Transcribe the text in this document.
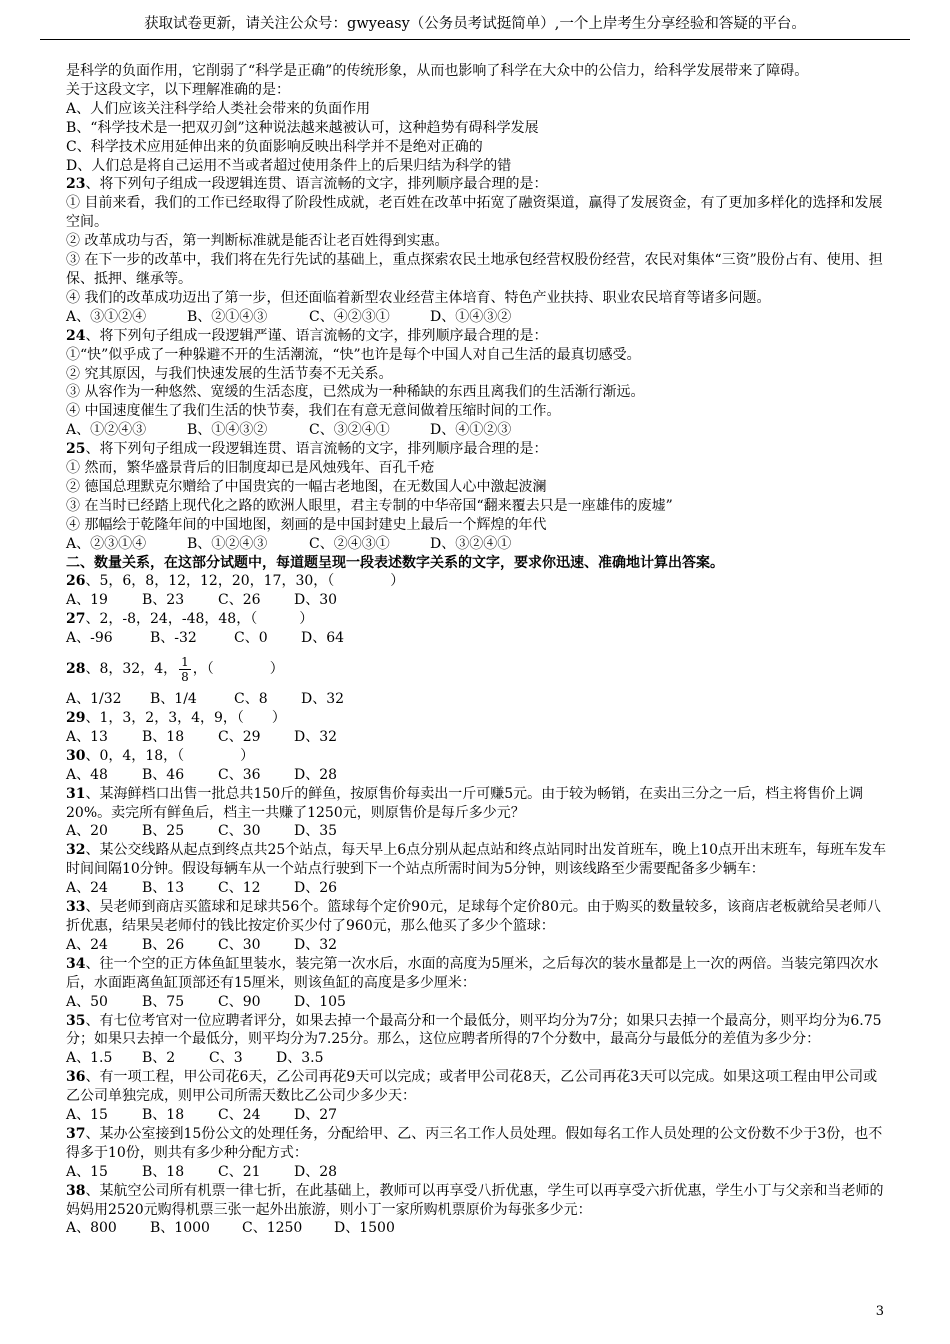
获取试卷更新，请关注公众号：gwyeasy（公务员考试挺简单）,一个上岸考生分享经验和答疑的平台。

是科学的负面作用，它削弱了“科学是正确”的传统形象，从而也影响了科学在大众中的公信力，给科学发展带来了障碍。

关于这段文字，以下理解准确的是：

A、人们应该关注科学给人类社会带来的负面作用

B、“科学技术是一把双刃剑”这种说法越来越被认可，这种趋势有碍科学发展

C、科学技术应用延伸出来的负面影响反映出科学并不是绝对正确的

D、人们总是将自己运用不当或者超过使用条件上的后果归结为科学的错

23、将下列句子组成一段逻辑连贯、语言流畅的文字，排列顺序最合理的是：

① 目前来看，我们的工作已经取得了阶段性成就，老百姓在改革中拓宽了融资渠道，赢得了发展资金，有了更加多样化的选择和发展空间。

② 改革成功与否，第一判断标准就是能否让老百姓得到实惠。

③ 在下一步的改革中，我们将在先行先试的基础上，重点探索农民土地承包经营权股份经营，农民对集体“三资”股份占有、使用、担保、抵押、继承等。

④ 我们的改革成功迈出了第一步，但还面临着新型农业经营主体培育、特色产业扶持、职业农民培育等诸多问题。

A、③①②④	B、②①④③	C、④②③①	D、①④③②

24、将下列句子组成一段逻辑严谨、语言流畅的文字，排列顺序最合理的是：

①“快”似乎成了一种躲避不开的生活潮流，“快”也许是每个中国人对自己生活的最真切感受。

② 究其原因，与我们快速发展的生活节奏不无关系。

③ 从容作为一种悠然、宽缓的生活态度，已然成为一种稀缺的东西且离我们的生活渐行渐远。

④ 中国速度催生了我们生活的快节奏，我们在有意无意间做着压缩时间的工作。

A、①②④③	B、①④③②	C、③②④①	D、④①②③

25、将下列句子组成一段逻辑连贯、语言流畅的文字，排列顺序最合理的是：

① 然而，繁华盛景背后的旧制度却已是风烛残年、百孔千疮

② 德国总理默克尔赠给了中国贵宾的一幅古老地图，在无数国人心中激起波澜

③ 在当时已经踏上现代化之路的欧洲人眼里，君主专制的中华帝国“翻来覆去只是一座雄伟的废墟”

④ 那幅绘于乾隆年间的中国地图，刻画的是中国封建史上最后一个辉煌的年代

A、②③①④	B、①②④③	C、②④③①	D、③②④①

二、数量关系，在这部分试题中，每道题呈现一段表述数字关系的文字，要求你迅速、准确地计算出答案。

26、5，6，8，12，12，20，17，30，（　　　　）

A、19 B、23 C、26 D、30

27、2，-8，24，-48，48，（　　　）

A、-96	B、-32	C、0 D、64

28、8，32，4， $\frac{1}{8}$ ，（　　　　）

A、1/32 B、1/4	C、8 D、32

29、1，3，2，3，4，9，（　　）

A、13 B、18 C、29 D、32

30、0，4，18，（　　　　）

A、48 B、46 C、36 D、28

31、某海鲜档口出售一批总共150斤的鲜鱼，按原售价每卖出一斤可赚5元。由于较为畅销，在卖出三分之一后，档主将售价上调20%。卖完所有鲜鱼后，档主一共赚了1250元，则原售价是每斤多少元？

A、20 B、25 C、30 D、35

32、某公交线路从起点到终点共25个站点，每天早上6点分别从起点站和终点站同时出发首班车，晚上10点开出末班车，每班车发车时间间隔10分钟。假设每辆车从一个站点行驶到下一个站点所需时间为5分钟，则该线路至少需要配备多少辆车：

A、24 B、13 C、12 D、26

33、吴老师到商店买篮球和足球共56个。篮球每个定价90元，足球每个定价80元。由于购买的数量较多，该商店老板就给吴老师八折优惠，结果吴老师付的钱比按定价买少付了960元，那么他买了多少个篮球：

A、24 B、26 C、30 D、32

34、往一个空的正方体鱼缸里装水，装完第一次水后，水面的高度为5厘米，之后每次的装水量都是上一次的两倍。当装完第四次水后，水面距离鱼缸顶部还有15厘米，则该鱼缸的高度是多少厘米：

A、50 B、75 C、90 D、105

35、有七位考官对一位应聘者评分，如果去掉一个最高分和一个最低分，则平均分为7分；如果只去掉一个最高分，则平均分为6.75分；如果只去掉一个最低分，则平均分为7.25分。那么，这位应聘者所得的7个分数中，最高分与最低分的差值为多少分：

A、1.5 B、2 C、3 D、3.5

36、有一项工程，甲公司花6天，乙公司再花9天可以完成；或者甲公司花8天，乙公司再花3天可以完成。如果这项工程由甲公司或乙公司单独完成，则甲公司所需天数比乙公司少多少天：

A、15 B、18 C、24 D、27

37、某办公室接到15份公文的处理任务，分配给甲、乙、丙三名工作人员处理。假如每名工作人员处理的公文份数不少于3份，也不得多于10份，则共有多少种分配方式：

A、15 B、18 C、21 D、28

38、某航空公司所有机票一律七折，在此基础上，教师可以再享受八折优惠，学生可以再享受六折优惠，学生小丁与父亲和当老师的妈妈用2520元购得机票三张一起外出旅游，则小丁一家所购机票原价为每张多少元：

A、800 B、1000 C、1250 D、1500

3
